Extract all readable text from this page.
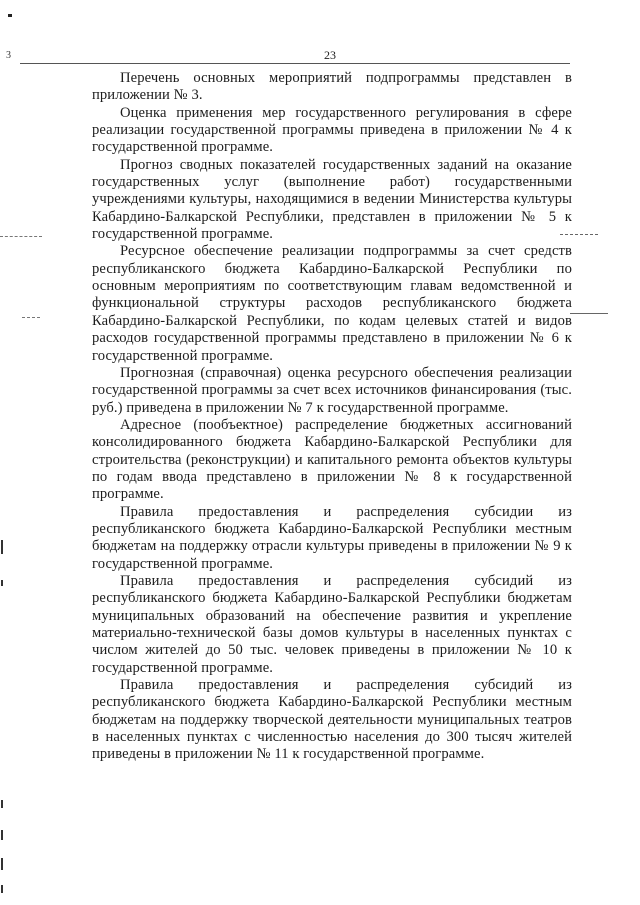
3	23

Перечень основных мероприятий подпрограммы представлен в приложении № 3.

Оценка применения мер государственного регулирования в сфере реализации государственной программы приведена в приложении № 4 к государственной программе.

Прогноз сводных показателей государственных заданий на оказание государственных услуг (выполнение работ) государственными учреждениями культуры, находящимися в ведении Министерства культуры Кабардино-Балкарской Республики, представлен в приложении № 5 к государственной программе.

Ресурсное обеспечение реализации подпрограммы за счет средств республиканского бюджета Кабардино-Балкарской Республики по основным мероприятиям по соответствующим главам ведомственной и функциональной структуры расходов республиканского бюджета Кабардино-Балкарской Республики, по кодам целевых статей и видов расходов государственной программы представлено в приложении № 6 к государственной программе.

Прогнозная (справочная) оценка ресурсного обеспечения реализации государственной программы за счет всех источников финансирования (тыс. руб.) приведена в приложении № 7 к государственной программе.

Адресное (пообъектное) распределение бюджетных ассигнований консолидированного бюджета Кабардино-Балкарской Республики для строительства (реконструкции) и капитального ремонта объектов культуры по годам ввода представлено в приложении № 8 к государственной программе.

Правила предоставления и распределения субсидии из республиканского бюджета Кабардино-Балкарской Республики местным бюджетам на поддержку отрасли культуры приведены в приложении № 9 к государственной программе.

Правила предоставления и распределения субсидий из республиканского бюджета Кабардино-Балкарской Республики бюджетам муниципальных образований на обеспечение развития и укрепление материально-технической базы домов культуры в населенных пунктах с числом жителей до 50 тыс. человек приведены в приложении № 10 к государственной программе.

Правила предоставления и распределения субсидий из республиканского бюджета Кабардино-Балкарской Республики местным бюджетам на поддержку творческой деятельности муниципальных театров в населенных пунктах с численностью населения до 300 тысяч жителей приведены в приложении № 11 к государственной программе.
